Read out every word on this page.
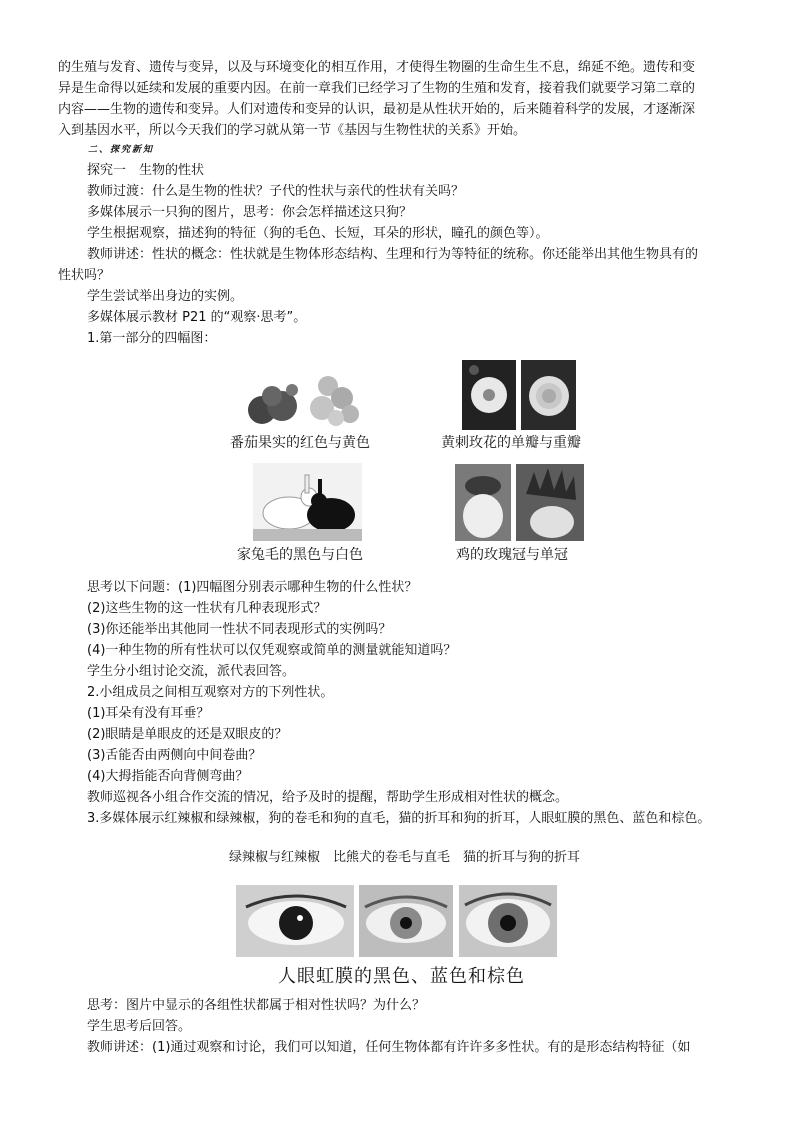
的生殖与发育、遗传与变异，以及与环境变化的相互作用，才使得生物圈的生命生生不息，绵延不绝。遗传和变
异是生命得以延续和发展的重要内因。在前一章我们已经学习了生物的生殖和发育，接着我们就要学习第二章的
内容——生物的遗传和变异。人们对遗传和变异的认识，最初是从性状开始的，后来随着科学的发展，才逐渐深
入到基因水平，所以今天我们的学习就从第一节《基因与生物性状的关系》开始。
二、探究新知
探究一　生物的性状
教师过渡：什么是生物的性状？子代的性状与亲代的性状有关吗？
多媒体展示一只狗的图片，思考：你会怎样描述这只狗？
学生根据观察，描述狗的特征（狗的毛色、长短，耳朵的形状，瞳孔的颜色等）。
教师讲述：性状的概念：性状就是生物体形态结构、生理和行为等特征的统称。你还能举出其他生物具有的
性状吗？
学生尝试举出身边的实例。
多媒体展示教材 P21 的“观察·思考”。
1.第一部分的四幅图：
番茄果实的红色与黄色	黄刺玫花的单瓣与重瓣
家兔毛的黑色与白色	鸡的玫瑰冠与单冠
思考以下问题：(1)四幅图分别表示哪种生物的什么性状？
(2)这些生物的这一性状有几种表现形式？
(3)你还能举出其他同一性状不同表现形式的实例吗？
(4)一种生物的所有性状可以仅凭观察或简单的测量就能知道吗？
学生分小组讨论交流，派代表回答。
2.小组成员之间相互观察对方的下列性状。
(1)耳朵有没有耳垂？
(2)眼睛是单眼皮的还是双眼皮的？
(3)舌能否由两侧向中间卷曲？
(4)大拇指能否向背侧弯曲？
教师巡视各小组合作交流的情况，给予及时的提醒，帮助学生形成相对性状的概念。
3.多媒体展示红辣椒和绿辣椒，狗的卷毛和狗的直毛，猫的折耳和狗的折耳，人眼虹膜的黑色、蓝色和棕色。
绿辣椒与红辣椒　比熊犬的卷毛与直毛　猫的折耳与狗的折耳
人眼虹膜的黑色、蓝色和棕色
思考：图片中显示的各组性状都属于相对性状吗？为什么？
学生思考后回答。
教师讲述：(1)通过观察和讨论，我们可以知道，任何生物体都有许许多多性状。有的是形态结构特征（如
